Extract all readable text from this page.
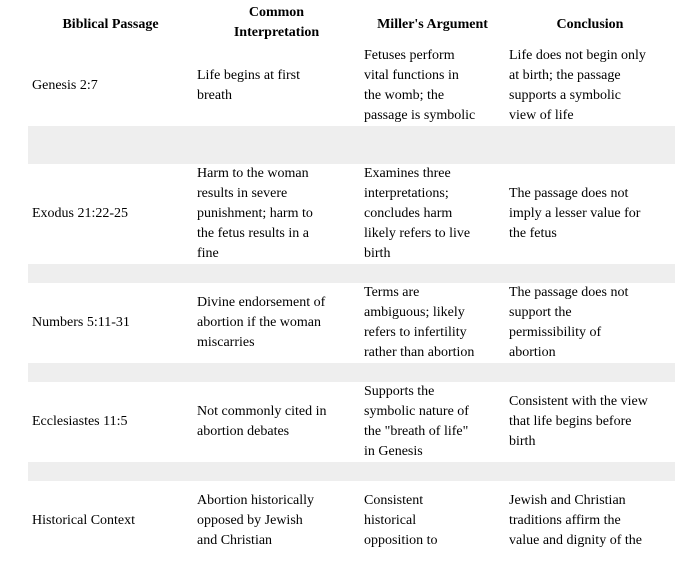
Biblical Passage
Common
Interpretation
Miller's Argument	Conclusion
Genesis 2:7
Life begins at first
breath
Fetuses perform
vital functions in
the womb; the
passage is symbolic
Life does not begin only
at birth; the passage
supports a symbolic
view of life
Exodus 21:22-25
Harm to the woman
results in severe
punishment; harm to
the fetus results in a
fine
Examines three
interpretations;
concludes harm
likely refers to live
birth
The passage does not
imply a lesser value for
the fetus
Numbers 5:11-31
Divine endorsement of
abortion if the woman
miscarries
Terms are
ambiguous; likely
refers to infertility
rather than abortion
The passage does not
support the
permissibility of
abortion
Ecclesiastes 11:5
Not commonly cited in
abortion debates
Supports the
symbolic nature of
the "breath of life"
in Genesis
Consistent with the view
that life begins before
birth
Historical Context
Abortion historically
opposed by Jewish
and Christian
Consistent
historical
opposition to
Jewish and Christian
traditions affirm the
value and dignity of the
